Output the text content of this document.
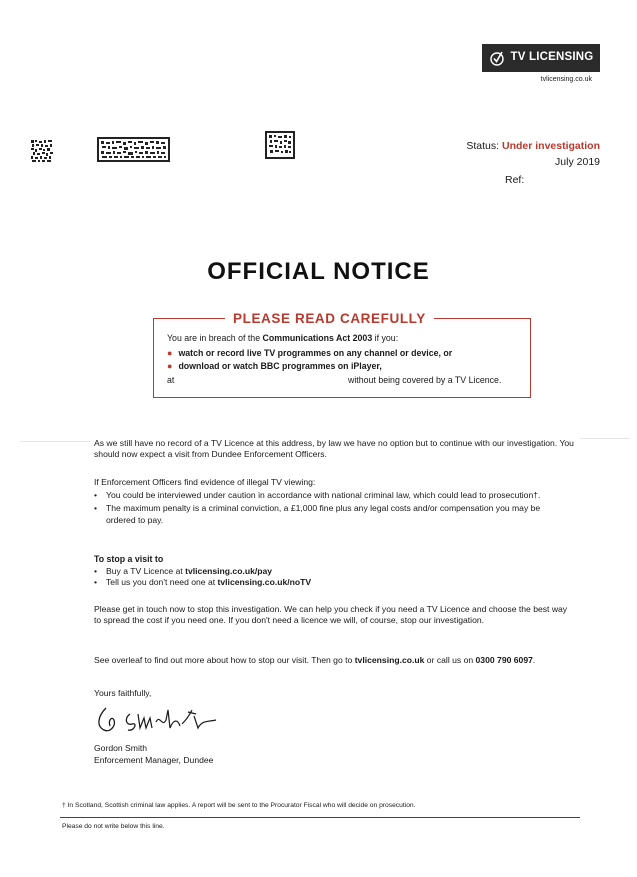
TV LICENSING
tvlicensing.co.uk
Status: Under investigation
July 2019
Ref:
OFFICIAL NOTICE
PLEASE READ CAREFULLY
You are in breach of the Communications Act 2003 if you:
● watch or record live TV programmes on any channel or device, or
● download or watch BBC programmes on iPlayer,
at	without being covered by a TV Licence.
As we still have no record of a TV Licence at this address, by law we have no option but to continue with our investigation. You should now expect a visit from Dundee Enforcement Officers.
If Enforcement Officers find evidence of illegal TV viewing:
• You could be interviewed under caution in accordance with national criminal law, which could lead to prosecution†.
• The maximum penalty is a criminal conviction, a £1,000 fine plus any legal costs and/or compensation you may be ordered to pay.
To stop a visit to
• Buy a TV Licence at tvlicensing.co.uk/pay
• Tell us you don't need one at tvlicensing.co.uk/noTV
Please get in touch now to stop this investigation. We can help you check if you need a TV Licence and choose the best way to spread the cost if you need one. If you don't need a licence we will, of course, stop our investigation.
See overleaf to find out more about how to stop our visit. Then go to tvlicensing.co.uk or call us on 0300 790 6097.
Yours faithfully,
Gordon Smith
Enforcement Manager, Dundee
† In Scotland, Scottish criminal law applies. A report will be sent to the Procurator Fiscal who will decide on prosecution.
Please do not write below this line.
